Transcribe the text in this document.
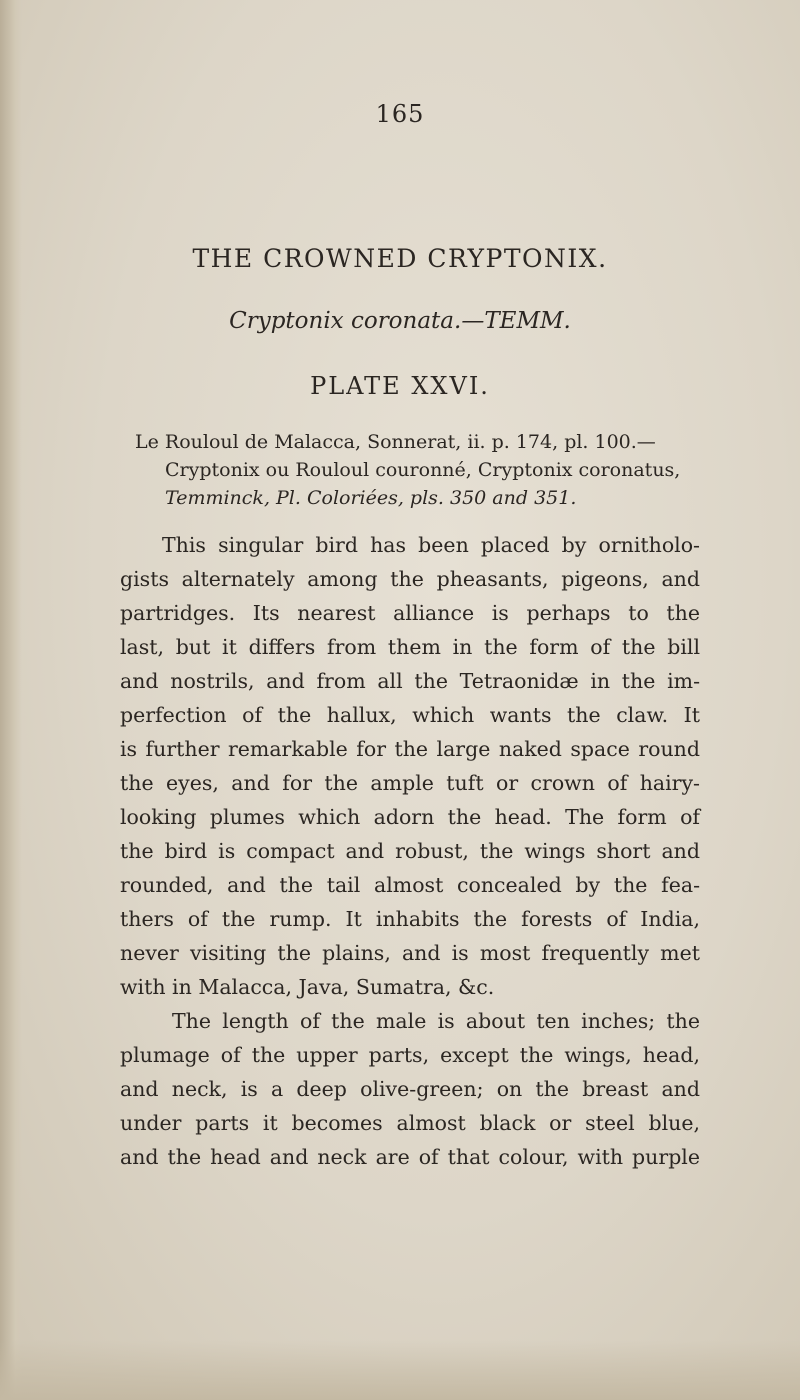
165
THE CROWNED CRYPTONIX.
Cryptonix coronata.—TEMM.
PLATE XXVI.
Le Rouloul de Malacca, Sonnerat, ii. p. 174, pl. 100.—
Cryptonix ou Rouloul couronné, Cryptonix coronatus,
Temminck, Pl. Coloriées, pls. 350 and 351.
This singular bird has been placed by ornitholo-
gists alternately among the pheasants, pigeons, and
partridges. Its nearest alliance is perhaps to the
last, but it differs from them in the form of the bill
and nostrils, and from all the Tetraonidæ in the im-
perfection of the hallux, which wants the claw. It
is further remarkable for the large naked space round
the eyes, and for the ample tuft or crown of hairy-
looking plumes which adorn the head. The form of
the bird is compact and robust, the wings short and
rounded, and the tail almost concealed by the fea-
thers of the rump. It inhabits the forests of India,
never visiting the plains, and is most frequently met
with in Malacca, Java, Sumatra, &c.
The length of the male is about ten inches; the
plumage of the upper parts, except the wings, head,
and neck, is a deep olive-green; on the breast and
under parts it becomes almost black or steel blue,
and the head and neck are of that colour, with purple
